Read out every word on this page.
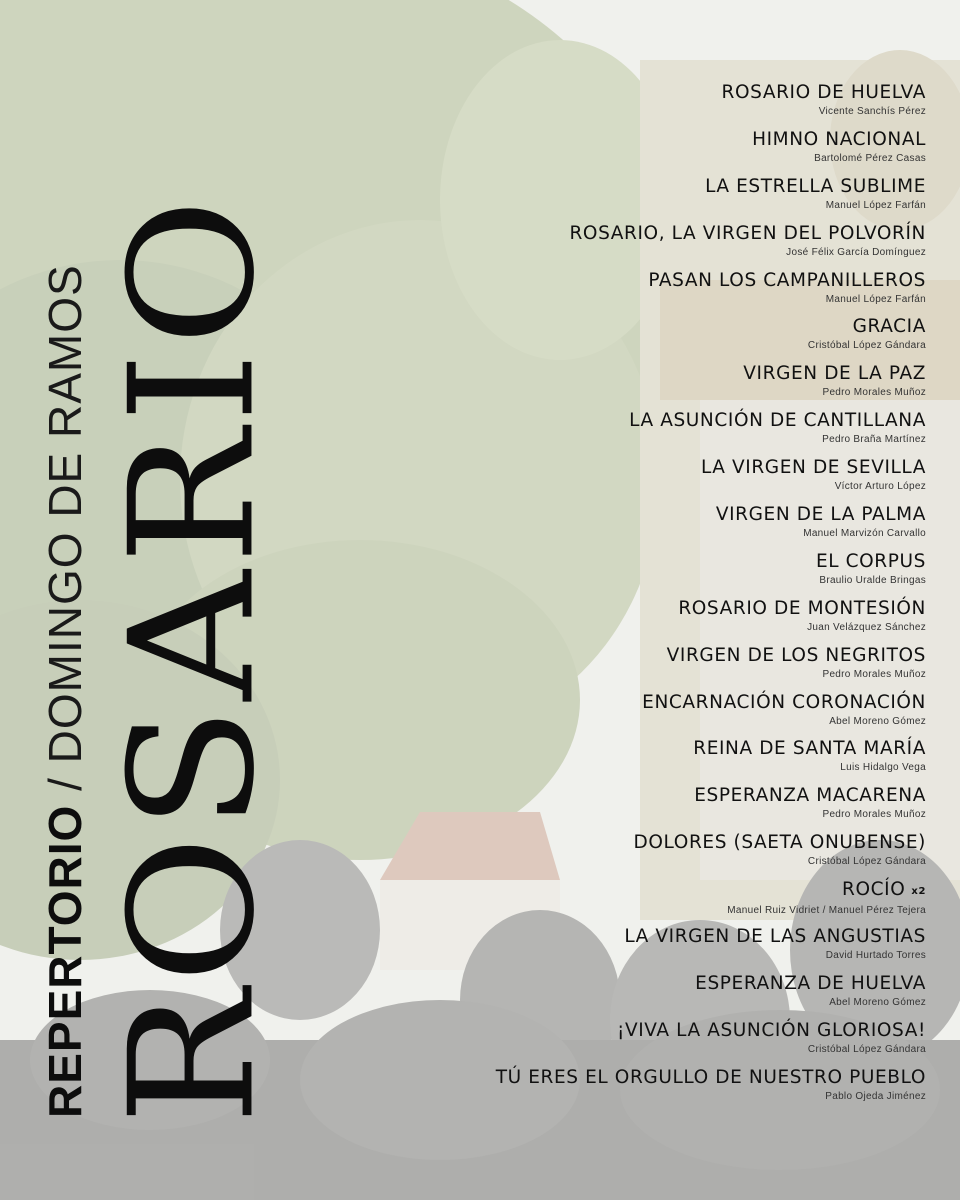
ROSARIO
REPERTORIO / DOMINGO DE RAMOS
ROSARIO DE HUELVA
Vicente Sanchís Pérez
HIMNO NACIONAL
Bartolomé Pérez Casas
LA ESTRELLA SUBLIME
Manuel López Farfán
ROSARIO, LA VIRGEN DEL POLVORÍN
José Félix García Domínguez
PASAN LOS CAMPANILLEROS
Manuel López Farfán
GRACIA
Cristóbal López Gándara
VIRGEN DE LA PAZ
Pedro Morales Muñoz
LA ASUNCIÓN DE CANTILLANA
Pedro Braña Martínez
LA VIRGEN DE SEVILLA
Víctor Arturo López
VIRGEN DE LA PALMA
Manuel Marvizón Carvallo
EL CORPUS
Braulio Uralde Bringas
ROSARIO DE MONTESIÓN
Juan Velázquez Sánchez
VIRGEN DE LOS NEGRITOS
Pedro Morales Muñoz
ENCARNACIÓN CORONACIÓN
Abel Moreno Gómez
REINA DE SANTA MARÍA
Luis Hidalgo Vega
ESPERANZA MACARENA
Pedro Morales Muñoz
DOLORES (SAETA ONUBENSE)
Cristóbal López Gándara
ROCÍO x2
Manuel Ruiz Vidriet / Manuel Pérez Tejera
LA VIRGEN DE LAS ANGUSTIAS
David Hurtado Torres
ESPERANZA DE HUELVA
Abel Moreno Gómez
¡VIVA LA ASUNCIÓN GLORIOSA!
Cristóbal López Gándara
TÚ ERES EL ORGULLO DE NUESTRO PUEBLO
Pablo Ojeda Jiménez
